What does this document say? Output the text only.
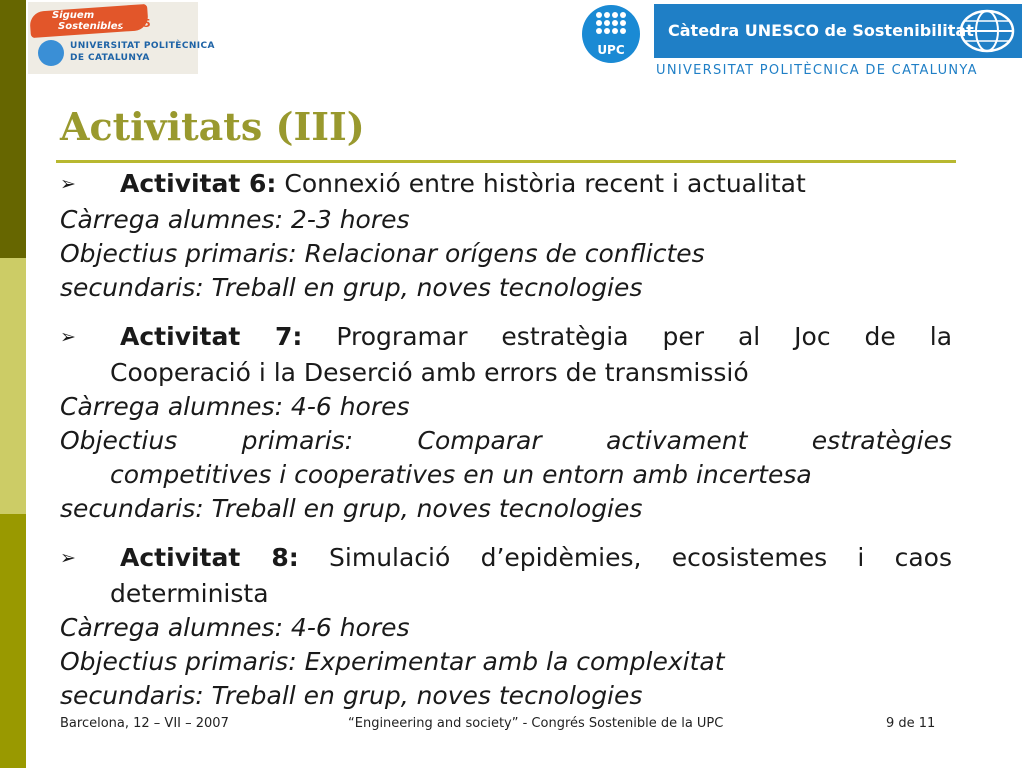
Siguem
Sostenibles
2015
UNIVERSITAT POLITÈCNICA
DE CATALUNYA
UPC
Càtedra UNESCO de Sostenibilitat
UNIVERSITAT POLITÈCNICA DE CATALUNYA
Activitats (III)
➢ Activitat 6: Connexió entre història recent i actualitat
Càrrega alumnes: 2-3 hores
Objectius primaris: Relacionar orígens de conflictes
secundaris: Treball en grup, noves tecnologies
➢ Activitat 7: Programar estratègia per al Joc de la
Cooperació i la Deserció amb errors de transmissió
Càrrega alumnes: 4-6 hores
Objectius primaris: Comparar activament estratègies
competitives i cooperatives en un entorn amb incertesa
secundaris: Treball en grup, noves tecnologies
➢ Activitat 8: Simulació d’epidèmies, ecosistemes i caos
determinista
Càrrega alumnes: 4-6 hores
Objectius primaris: Experimentar amb la complexitat
secundaris: Treball en grup, noves tecnologies
Barcelona, 12 – VII – 2007	“Engineering and society” - Congrés Sostenible de la UPC	9 de 11
